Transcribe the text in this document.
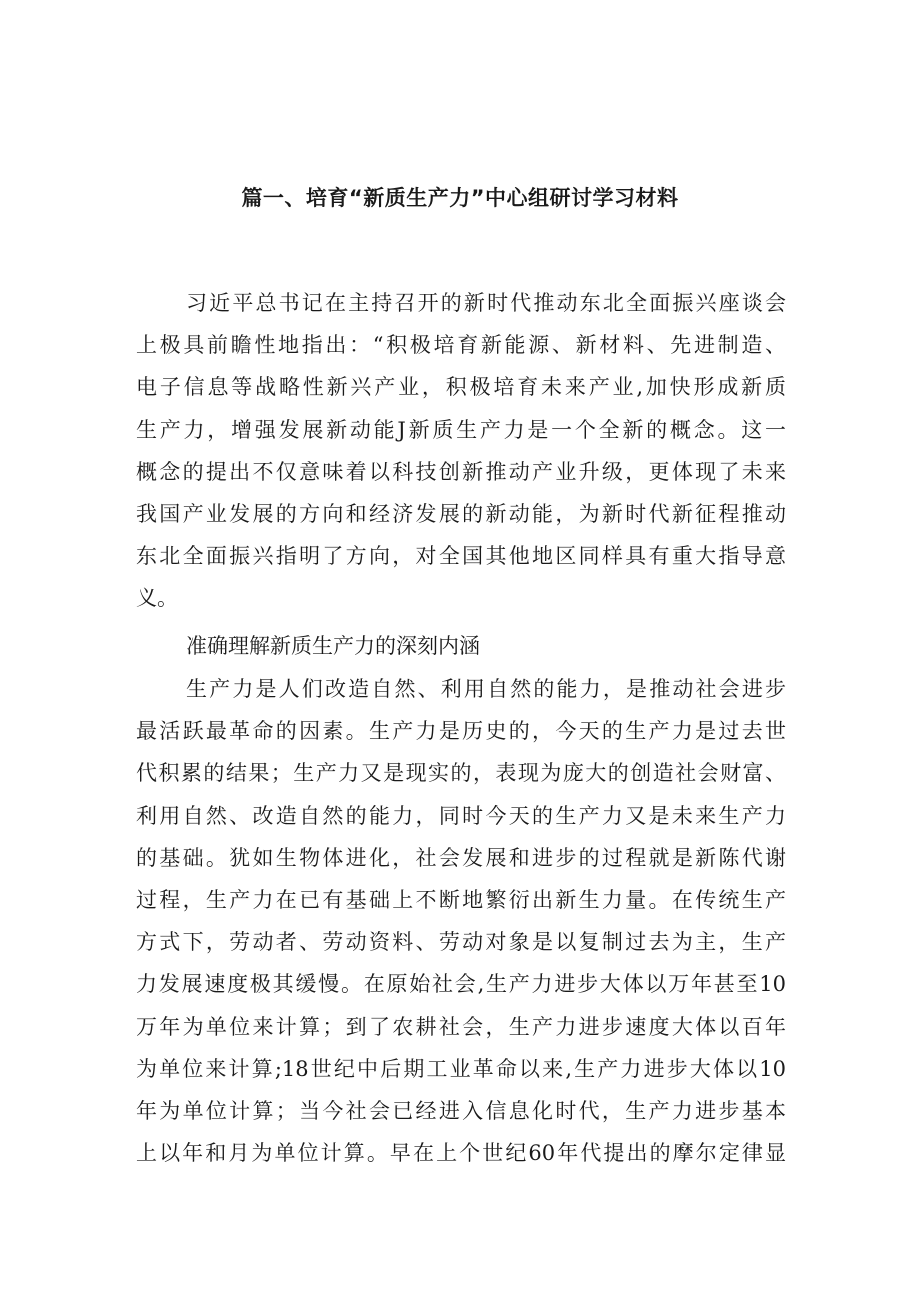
篇一、培育“新质生产力”中心组研讨学习材料
习近平总书记在主持召开的新时代推动东北全面振兴座谈会
上极具前瞻性地指出：“积极培育新能源、新材料、先进制造、
电子信息等战略性新兴产业，积极培育未来产业,加快形成新质
生产力，增强发展新动能J新质生产力是一个全新的概念。这一
概念的提出不仅意味着以科技创新推动产业升级，更体现了未来
我国产业发展的方向和经济发展的新动能，为新时代新征程推动
东北全面振兴指明了方向，对全国其他地区同样具有重大指导意
义。
准确理解新质生产力的深刻内涵
生产力是人们改造自然、利用自然的能力，是推动社会进步
最活跃最革命的因素。生产力是历史的，今天的生产力是过去世
代积累的结果；生产力又是现实的，表现为庞大的创造社会财富、
利用自然、改造自然的能力，同时今天的生产力又是未来生产力
的基础。犹如生物体进化，社会发展和进步的过程就是新陈代谢
过程，生产力在已有基础上不断地繁衍出新生力量。在传统生产
方式下，劳动者、劳动资料、劳动对象是以复制过去为主，生产
力发展速度极其缓慢。在原始社会,生产力进步大体以万年甚至10
万年为单位来计算；到了农耕社会，生产力进步速度大体以百年
为单位来计算;18世纪中后期工业革命以来,生产力进步大体以10
年为单位计算；当今社会已经进入信息化时代，生产力进步基本
上以年和月为单位计算。早在上个世纪60年代提出的摩尔定律显
